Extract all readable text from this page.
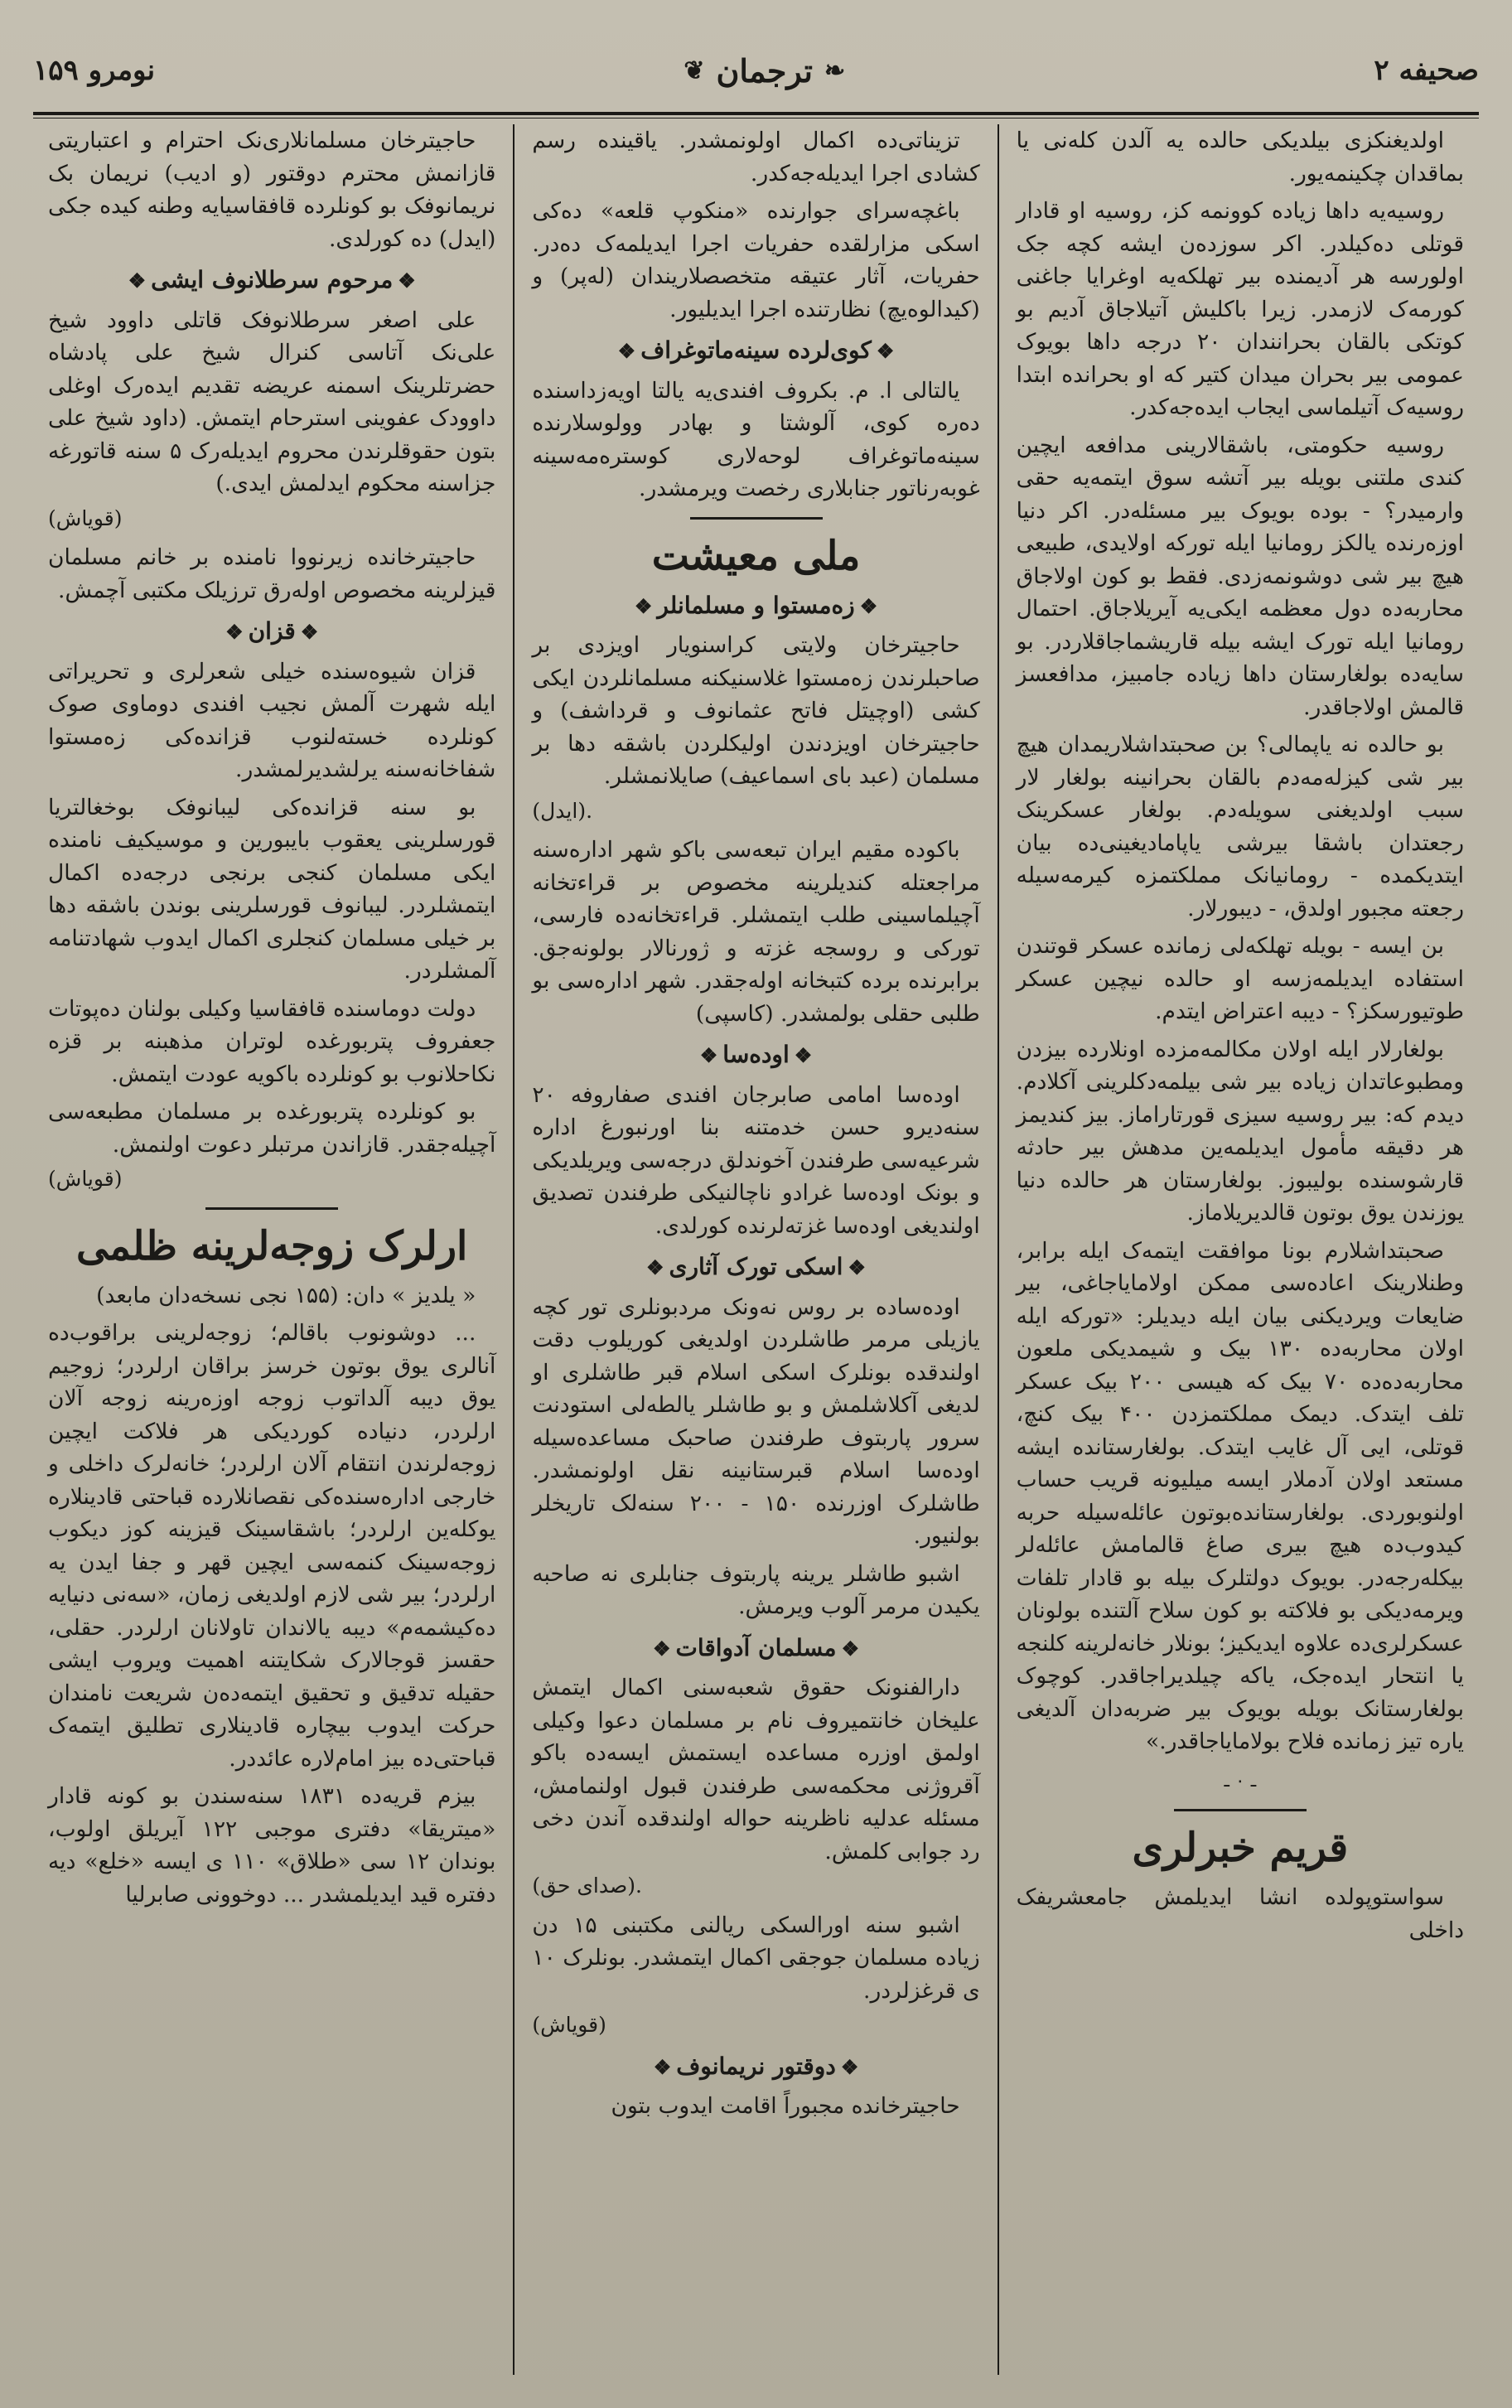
نومرو ۱۵۹	❦ ترجمان ❧	صحیفه ۲

اولدیغنکزی بیلدیکی حالده یه آلدن کله‌نی یا بماقدان چکینمه‌یور.

روسیه‌یه داها زیاده کوونمه کز، روسیه او قادار قوتلی ده‌کیلدر. اکر سوزده‌ن ایشه کچه جک اولورسه هر آدیمنده بیر تهلکه‌یه اوغرایا جاغنی کورمه‌ک لازمدر. زیرا باکلیش آتیلاجاق آدیم بو کوتکی بالقان بحرانندان ۲۰ درجه داها بویوک عمومی بیر بحران میدان کتیر که او بحرانده ابتدا روسیه‌ک آتیلماسی ایجاب ایده‌جه‌کدر.

روسیه حکومتی، باشقالارینی مدافعه ایچین کندی ملتنی بویله بیر آتشه سوق ایتمه‌یه حقی وارمیدر؟ - بوده بویوک بیر مسئله‌در. اکر دنیا اوزه‌رنده یالکز رومانیا ایله تورکه اولایدی، طبیعی هیچ بیر شی دوشونمه‌زدی. فقط بو کون اولاجاق محاربه‌ده دول معظمه ایکی‌یه آیریلاجاق. احتمال رومانیا ایله تورک ایشه بیله قاریشماجاقلاردر. بو سایه‌ده بولغارستان داها زیاده جامبیز، مدافعسز قالمش اولاجاقدر.

بو حالده نه یاپمالی؟ بن صحبتداشلاریمدان هیچ بیر شی کیزله‌مه‌دم بالقان بحرانینه بولغار لار سبب اولدیغنی سویله‌دم. بولغار عسکرینک رجعتدان باشقا بیرشی یاپامادیغینی‌ده بیان ایتدیکمده - رومانیانک مملکتمزه کیرمه‌سیله رجعته مجبور اولدق، - دیبورلار.

بن ایسه - بویله تهلکه‌لی زمانده عسکر قوتندن استفاده ایدیلمه‌زسه او حالده نیچین عسکر طوتیورسکز؟ - دیبه اعتراض ایتدم.

بولغارلار ایله اولان مکالمه‌مزده اونلارده بیزدن ومطبوعاتدان زیاده بیر شی بیلمه‌دکلرینی آکلادم. دیدم که: بیر روسیه سیزی قورتاراماز. بیز کندیمز هر دقیقه مأمول ایدیلمه‌ین مدهش بیر حادثه قارشوسنده بولیبوز. بولغارستان هر حالده دنیا یوزندن یوق بوتون قالدیریلاماز.

صحبتداشلارم بونا موافقت ایتمه‌ک ایله برابر، وطنلارینک اعاده‌سی ممکن اولامایاجاغی، بیر ضایعات ویردیکنی بیان ایله دیدیلر: «تورکه ایله اولان محاربه‌ده ۱۳۰ بیک و شیمدیکی ملعون محاربه‌ده‌ده ۷۰ بیک که هیسی ۲۰۰ بیک عسکر تلف ایتدک. دیمک مملکتمزدن ۴۰۰ بیک کنچ، قوتلی، ایی آل غایب ایتدک. بولغارستانده ایشه مستعد اولان آدملار ایسه میلیونه قریب حساب اولنوبوردی. بولغارستانده‌بوتون عائله‌سیله حربه کیدوب‌ده هیچ بیری صاغ قالمامش عائله‌لر بیکله‌رجه‌در. بویوک دولتلرک بیله بو قادار تلفات ویرمه‌دیکی بو فلاکته بو کون سلاح آلتنده بولونان عسکرلری‌ده علاوه ایدیکیز؛ بونلار خانه‌لرینه کلنجه یا انتحار ایده‌جک، یاکه چیلدیراجاقدر. کوچوک بولغارستانک بویله بویوک بیر ضربه‌دان آلدیغی یاره تیز زمانده فلاح بولامایاجاقدر.»

ـ ۰ ـ
قریم خبرلری

سواستوپولده انشا ایدیلمش جامعشریفک داخلی

تزیناتی‌ده اکمال اولونمشدر. یاقینده رسم کشادی اجرا ایدیله‌جه‌کدر.

باغچه‌سرای جوارنده «منکوپ قلعه» ده‌کی اسکی مزارلقده حفریات اجرا ایدیلمه‌ک ده‌در. حفریات، آثار عتیقه متخصصلاریندان (له‌پر) و (کیدالوه‌یچ) نظارتنده اجرا ایدیلیور.

❖کوی‌لرده سینه‌ماتوغراف❖

یالتالی ا. م. بکروف افندی‌یه یالتا اویه‌زداسنده ده‌ره کوی، آلوشتا و بهادر وولوسلارنده سینه‌ماتوغراف لوحه‌لاری کوستره‌مه‌سینه غوبه‌رناتور جنابلاری رخصت ویرمشدر.

ملی معیشت
❖زه‌مستوا و مسلمانلر❖

حاجیترخان ولایتی کراسنویار اویزدی بر صاحبلرندن زه‌مستوا غلاسنیکنه مسلمانلردن ایکی کشی (اوچیتل فاتح عثمانوف و قرداشف) و حاجیترخان اویزدندن اولیکلردن باشقه دها بر مسلمان (عبد بای اسماعیف) صایلانمشلر.

(ایدل).

باکوده مقیم ایران تبعه‌سی باکو شهر اداره‌سنه مراجعتله کندیلرینه مخصوص بر قراءتخانه آچیلماسینی طلب ایتمشلر. قراءتخانه‌ده فارسی، تورکی و روسجه غزته و ژورنالار بولونه‌جق. برابرنده برده کتبخانه اوله‌جقدر. شهر اداره‌سی بو طلبی حقلی بولمشدر. (کاسپی)

❖اوده‌سا❖

اوده‌سا امامی صابرجان افندی صفاروفه ۲۰ سنه‌دیرو حسن خدمتنه بنا اورنبورغ اداره شرعیه‌سی طرفندن آخوندلق درجه‌سی ویریلدیکی و بونک اوده‌سا غرادو ناچالنیکی طرفندن تصدیق اولندیغی اوده‌سا غزته‌لرنده کورلدی.

❖اسکی تورک آثاری❖

اوده‌ساده بر روس نه‌ونک مردبونلری تور کچه یازیلی مرمر طاشلردن اولدیغی کوریلوب دقت اولندقده بونلرک اسکی اسلام قبر طاشلری او لدیغی آکلاشلمش و بو طاشلر یالطه‌لی استودنت سرور پاربتوف طرفندن صاحبک مساعده‌سیله اوده‌سا اسلام قبرستانینه نقل اولونمشدر. طاشلرک اوزرنده ۱۵۰ - ۲۰۰ سنه‌لک تاریخلر بولنیور.

اشبو طاشلر یرینه پاربتوف جنابلری نه صاحبه یکیدن مرمر آلوب ویرمش.

❖مسلمان آدواقات❖

دارالفنونک حقوق شعبه‌سنی اکمال ایتمش علیخان خانتمیروف نام بر مسلمان دعوا وکیلی اولمق اوزره مساعده ایستمش ایسه‌ده باکو آقروژنی محکمه‌سی طرفندن قبول اولنمامش، مسئله عدلیه ناظرینه حواله اولندقده آندن دخی رد جوابی کلمش.

(صدای حق).

اشبو سنه اورالسکی ریالنی مکتبنی ۱۵ دن زیاده مسلمان جوجقی اکمال ایتمشدر. بونلرک ۱۰ ی قرغزلردر.

(قویاش)
❖دوقتور نریمانوف❖

حاجیترخانده مجبوراً اقامت ایدوب بتون

حاجیترخان مسلمانلاری‌نک احترام و اعتباریتی قازانمش محترم دوقتور (و ادیب) نریمان بک نریمانوفک بو کونلرده قافقاسیایه وطنه کیده جکی (ایدل) ده کورلدی.

❖مرحوم سرطلانوف ایشی❖

علی اصغر سرطلانوفک قاتلی داوود شیخ علی‌نک آتاسی کنرال شیخ علی پادشاه حضرتلرینک اسمنه عریضه تقدیم ایده‌رک اوغلی داوودک عفوینی استرحام ایتمش. (داود شیخ علی بتون حقوقلرندن محروم ایدیله‌رک ۵ سنه قاتورغه جزاسنه محکوم ایدلمش ایدی.)

(قویاش)

حاجیترخانده زیرنووا نامنده بر خانم مسلمان قیزلرینه مخصوص اوله‌رق ترزیلک مکتبی آچمش.

❖قزان❖

قزان شیوه‌سنده خیلی شعرلری و تحریراتی ایله شهرت آلمش نجیب افندی دوماوی صوک کونلرده خسته‌لنوب قزانده‌کی زه‌مستوا شفاخانه‌سنه یرلشدیرلمشدر.

بو سنه قزانده‌کی لیبانوفک بوخغالتریا قورسلرینی یعقوب بایبورین و موسیکیف نامنده ایکی مسلمان کنجی برنجی درجه‌ده اکمال ایتمشلردر. لیبانوف قورسلرینی بوندن باشقه دها بر خیلی مسلمان کنجلری اکمال ایدوب شهادتنامه آلمشلردر.

دولت دوماسنده قافقاسیا وکیلی بولنان ده‌پوتات جعفروف پتربورغده لوتران مذهبنه بر قزه نکاحلانوب بو کونلرده باکویه عودت ایتمش.

بو کونلرده پتربورغده بر مسلمان مطبعه‌سی آچیله‌جقدر. قازاندن مرتبلر دعوت اولنمش.

(قویاش)
ارلرک زوجه‌لرینه ظلمی

« یلدیز » دان: (۱۵۵ نجی نسخه‌دان مابعد)

... دوشونوب باقالم؛ زوجه‌لرینی براقوب‌ده آنالری یوق بوتون خرسز براقان ارلردر؛ زوجیم یوق دیبه آلداتوب زوجه اوزه‌رینه زوجه آلان ارلردر، دنیاده کوردیکی هر فلاکت ایچین زوجه‌لرندن انتقام آلان ارلردر؛ خانه‌لرک داخلی و خارجی اداره‌سنده‌کی نقصانلارده قباحتی قادینلاره یوکله‌ین ارلردر؛ باشقاسینک قیزینه کوز دیکوب زوجه‌سینک کنمه‌سی ایچین قهر و جفا ایدن یه ارلردر؛ بیر شی لازم اولدیغی زمان، «سه‌نی دنیایه ده‌کیشمه‌م» دیبه یالاندان تاولانان ارلردر. حقلی، حقسز قوجالارک شکایتنه اهمیت ویروب ایشی حقیله تدقیق و تحقیق ایتمه‌ده‌ن شریعت نامندان حرکت ایدوب بیچاره قادینلاری تطلیق ایتمه‌ک قباحتی‌ده بیز امام‌لاره عائددر.

بیزم قریه‌ده ۱۸۳۱ سنه‌سندن بو کونه قادار «میتریقا» دفتری موجبی ۱۲۲ آیریلق اولوب، بوندان ۱۲ سی «طلاق» ۱۱۰ ی ایسه «خلع» دیه دفتره قید ایدیلمشدر ... دوخوونی صابرلیا
